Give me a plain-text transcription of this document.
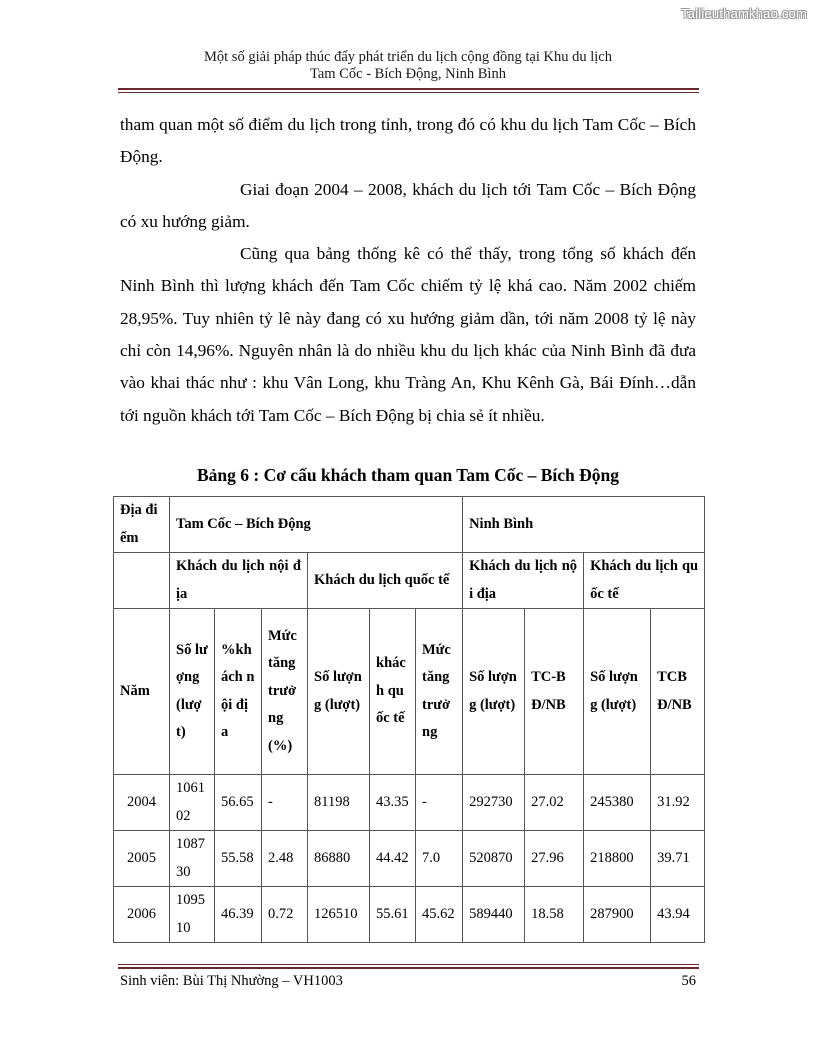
Tailieuthamkhao.com
Một số giải pháp thúc đẩy phát triển du lịch cộng đồng tại Khu du lịch
Tam Cốc - Bích Động, Ninh Bình

tham quan một số điểm du lịch trong tỉnh, trong đó có khu du lịch Tam Cốc – Bích Động.

Giai đoạn 2004 – 2008, khách du lịch tới Tam Cốc – Bích Động có xu hướng giảm.

Cũng qua bảng thống kê có thể thấy, trong tổng số khách đến Ninh Bình thì lượng khách đến Tam Cốc chiếm tỷ lệ khá cao. Năm 2002 chiếm 28,95%. Tuy nhiên tỷ lê này đang có xu hướng giảm dần, tới năm 2008 tỷ lệ này chỉ còn 14,96%. Nguyên nhân là do nhiều khu du lịch khác của Ninh Bình đã đưa vào khai thác như : khu Vân Long, khu Tràng An, Khu Kênh Gà, Bái Đính…dẫn tới nguồn khách tới Tam Cốc – Bích Động bị chia sẻ ít nhiều.

Bảng 6 : Cơ cấu khách tham quan Tam Cốc – Bích Động
Địa điểm	Tam Cốc – Bích Động						Ninh Bình			
	Khách du lịch nội địa			Khách du lịch quốc tế			Khách du lịch nội địa		Khách du lịch quốc tế	
Năm	Số lượng (lượt)	%khách nội địa	Mức tăng trưởng (%)	Số lượng (lượt)	khách quốc tế	Mức tăng trưởng	Số lượng (lượt)	TC-BĐ/NB	Số lượng (lượt)	TCBĐ/NB
2004	106102	56.65	-	81198	43.35	-	292730	27.02	245380	31.92
2005	108730	55.58	2.48	86880	44.42	7.0	520870	27.96	218800	39.71
2006	109510	46.39	0.72	126510	55.61	45.62	589440	18.58	287900	43.94
Sinh viên: Bùi Thị Nhường – VH1003	56
